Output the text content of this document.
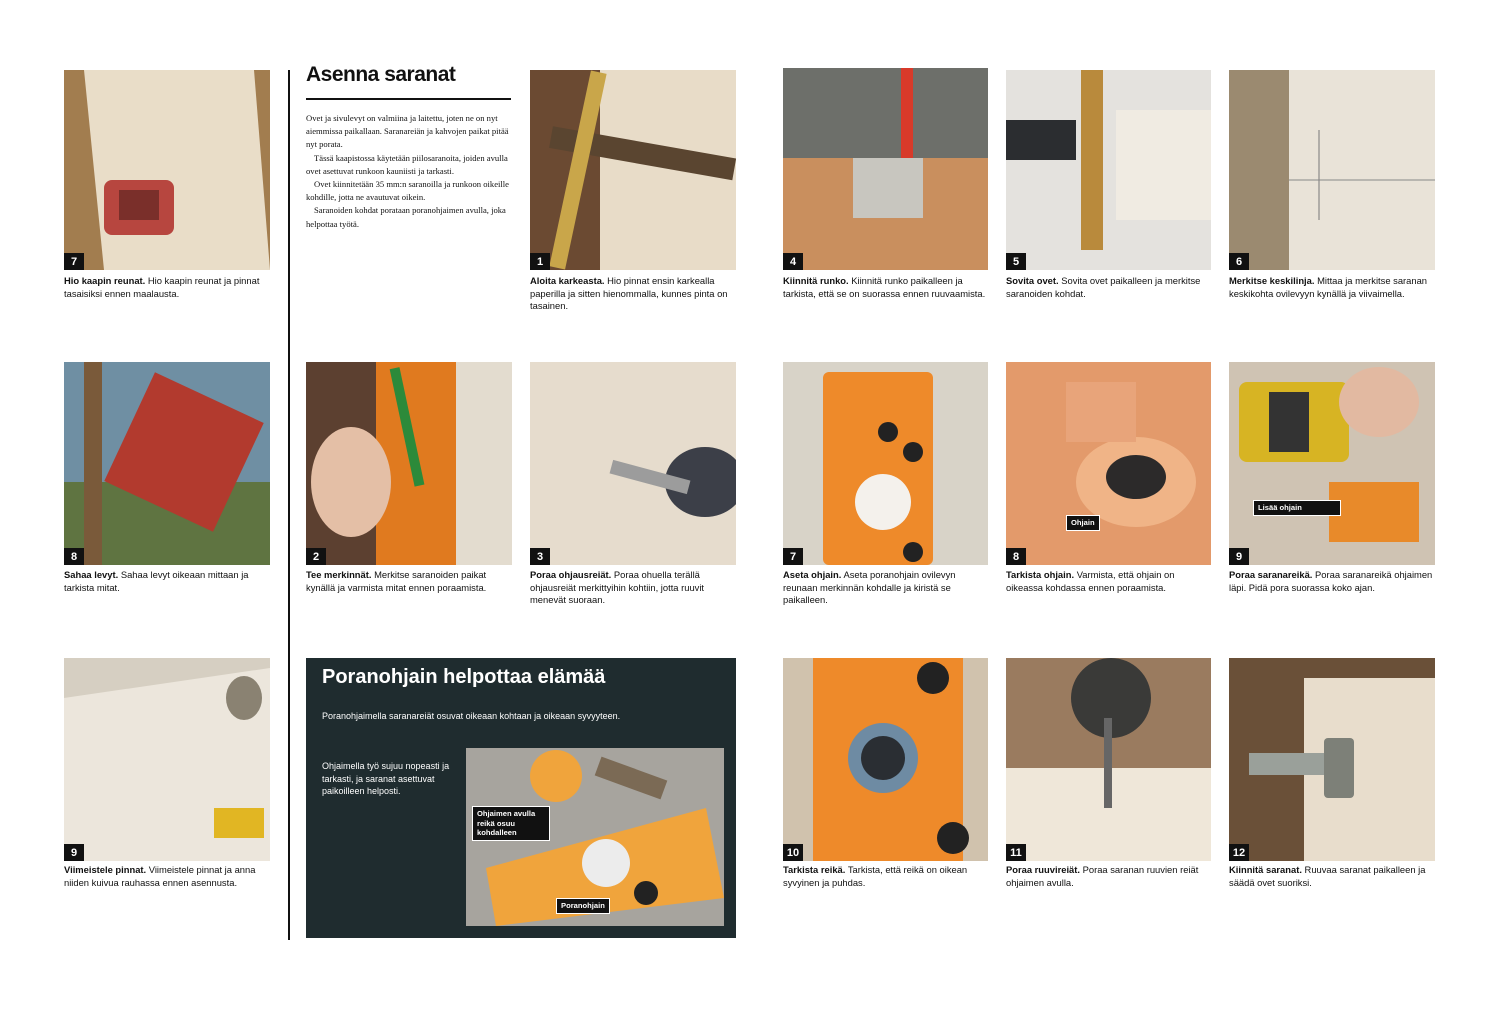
7
Hio kaapin reunat. Hio kaapin reunat ja pinnat tasaisiksi ennen maalausta.
8
Sahaa levyt. Sahaa levyt oikeaan mittaan ja tarkista mitat.
9
Viimeistele pinnat. Viimeistele pinnat ja anna niiden kuivua rauhassa ennen asennusta.
Asenna saranat

Ovet ja sivulevyt on valmiina ja laitettu, joten ne on nyt aiemmissa paikallaan. Saranareiän ja kahvojen paikat pitää nyt porata.

Tässä kaapistossa käytetään piilosaranoita, joiden avulla ovet asettuvat runkoon kauniisti ja tarkasti.

Ovet kiinnitetään 35 mm:n saranoilla ja runkoon oikeille kohdille, jotta ne avautuvat oikein.

Saranoiden kohdat porataan poranohjaimen avulla, joka helpottaa työtä.

1
Aloita karkeasta. Hio pinnat ensin karkealla paperilla ja sitten hienommalla, kunnes pinta on tasainen.
2
Tee merkinnät. Merkitse saranoiden paikat kynällä ja varmista mitat ennen poraamista.
3
Poraa ohjausreiät. Poraa ohuella terällä ohjausreiät merkittyihin kohtiin, jotta ruuvit menevät suoraan.
Poranohjain helpottaa elämää
Poranohjaimella saranareiät osuvat oikeaan kohtaan ja oikeaan syvyyteen.
Ohjaimella työ sujuu nopeasti ja tarkasti, ja saranat asettuvat paikoilleen helposti.
Ohjaimen avulla reikä osuu kohdalleen
Poranohjain
4
Kiinnitä runko. Kiinnitä runko paikalleen ja tarkista, että se on suorassa ennen ruuvaamista.
5
Sovita ovet. Sovita ovet paikalleen ja merkitse saranoiden kohdat.
6
Merkitse keskilinja. Mittaa ja merkitse saranan keskikohta ovilevyyn kynällä ja viivaimella.
7
Aseta ohjain. Aseta poranohjain ovilevyn reunaan merkinnän kohdalle ja kiristä se paikalleen.
Ohjain
8
Tarkista ohjain. Varmista, että ohjain on oikeassa kohdassa ennen poraamista.
Lisää ohjain
9
Poraa saranareikä. Poraa saranareikä ohjaimen läpi. Pidä pora suorassa koko ajan.
10
Tarkista reikä. Tarkista, että reikä on oikean syvyinen ja puhdas.
11
Poraa ruuvireiät. Poraa saranan ruuvien reiät ohjaimen avulla.
12
Kiinnitä saranat. Ruuvaa saranat paikalleen ja säädä ovet suoriksi.
